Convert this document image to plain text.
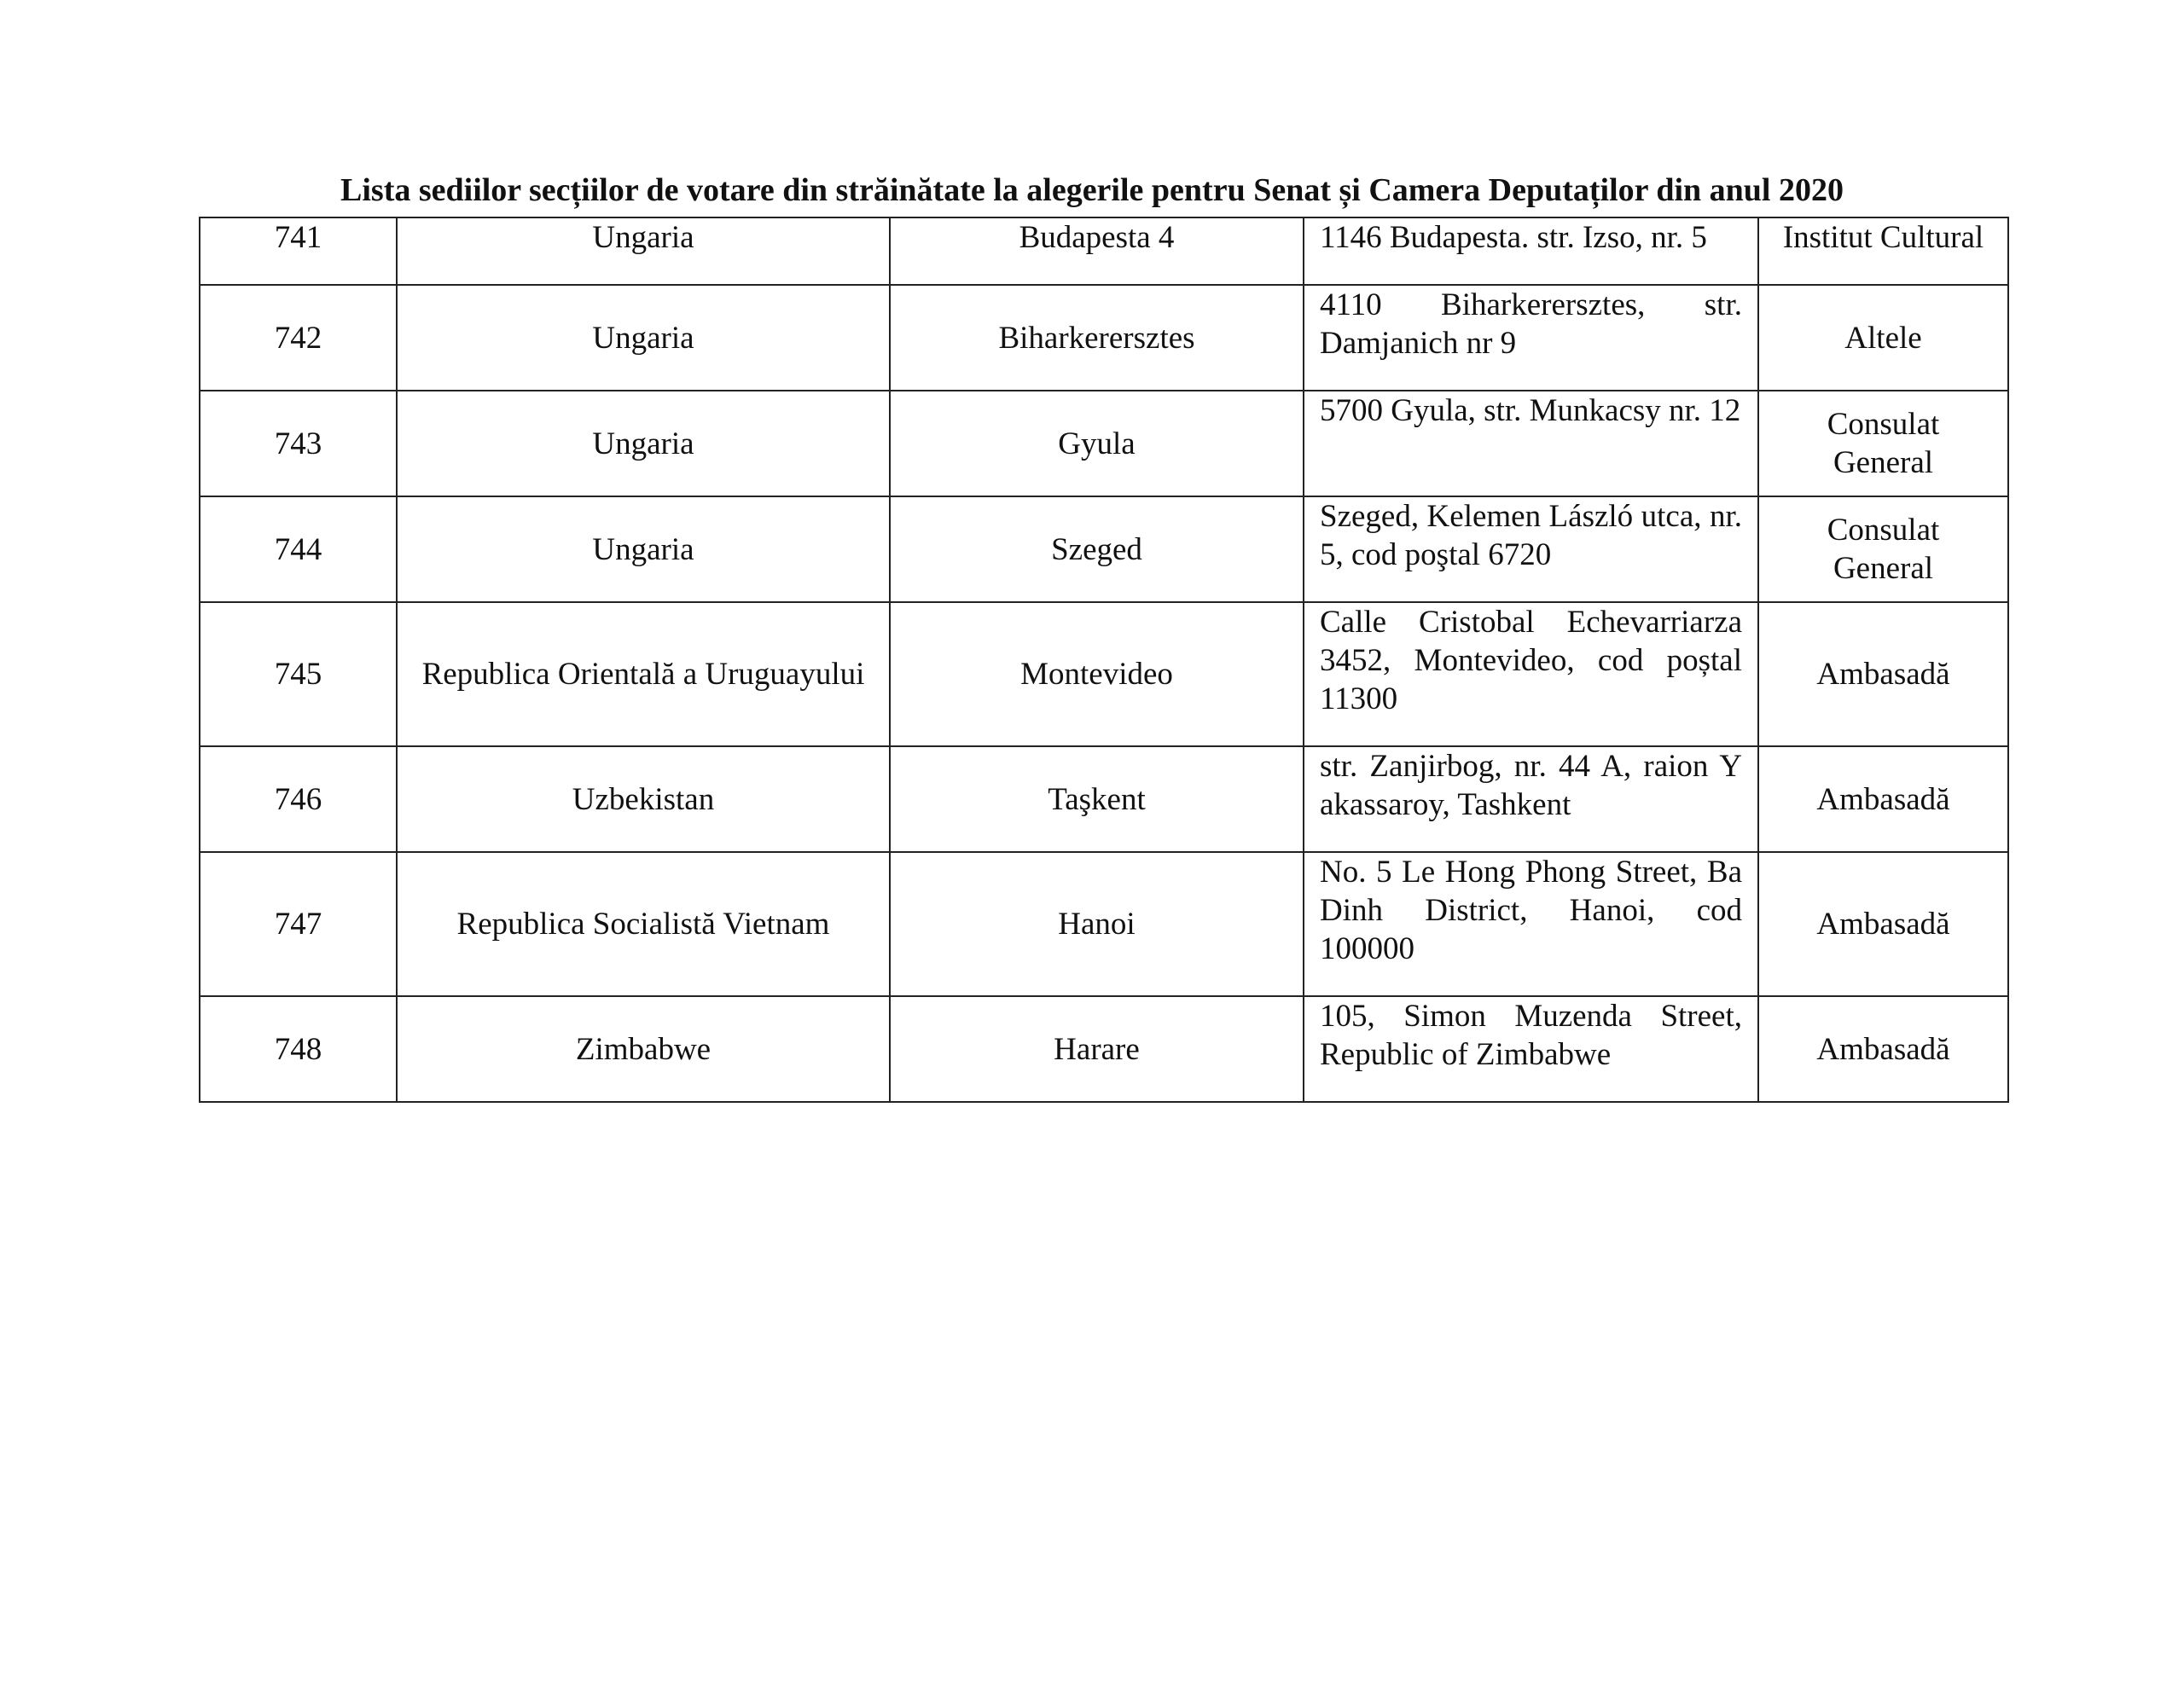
Lista sediilor secțiilor de votare din străinătate la alegerile pentru Senat și Camera Deputaților din anul 2020
741	Ungaria	Budapesta 4	1146 Budapesta. str. Izso, nr. 5	Institut Cultural
742	Ungaria	Biharkerersztes	4110 Biharkerersztes, str. Damjanich nr 9	Altele
743	Ungaria	Gyula	5700 Gyula, str. Munkacsy nr. 12	Consulat General
744	Ungaria	Szeged	Szeged, Kelemen László utca, nr. 5, cod poştal 6720	Consulat General
745	Republica Orientală a Uruguayului	Montevideo	Calle Cristobal Echevarriarza 3452, Montevideo, cod poștal 11300	Ambasadă
746	Uzbekistan	Taşkent	str. Zanjirbog, nr. 44 A, raion Y akassaroy, Tashkent	Ambasadă
747	Republica Socialistă Vietnam	Hanoi	No. 5 Le Hong Phong Street, Ba Dinh District, Hanoi, cod 100000	Ambasadă
748	Zimbabwe	Harare	105, Simon Muzenda Street, Republic of Zimbabwe	Ambasadă
